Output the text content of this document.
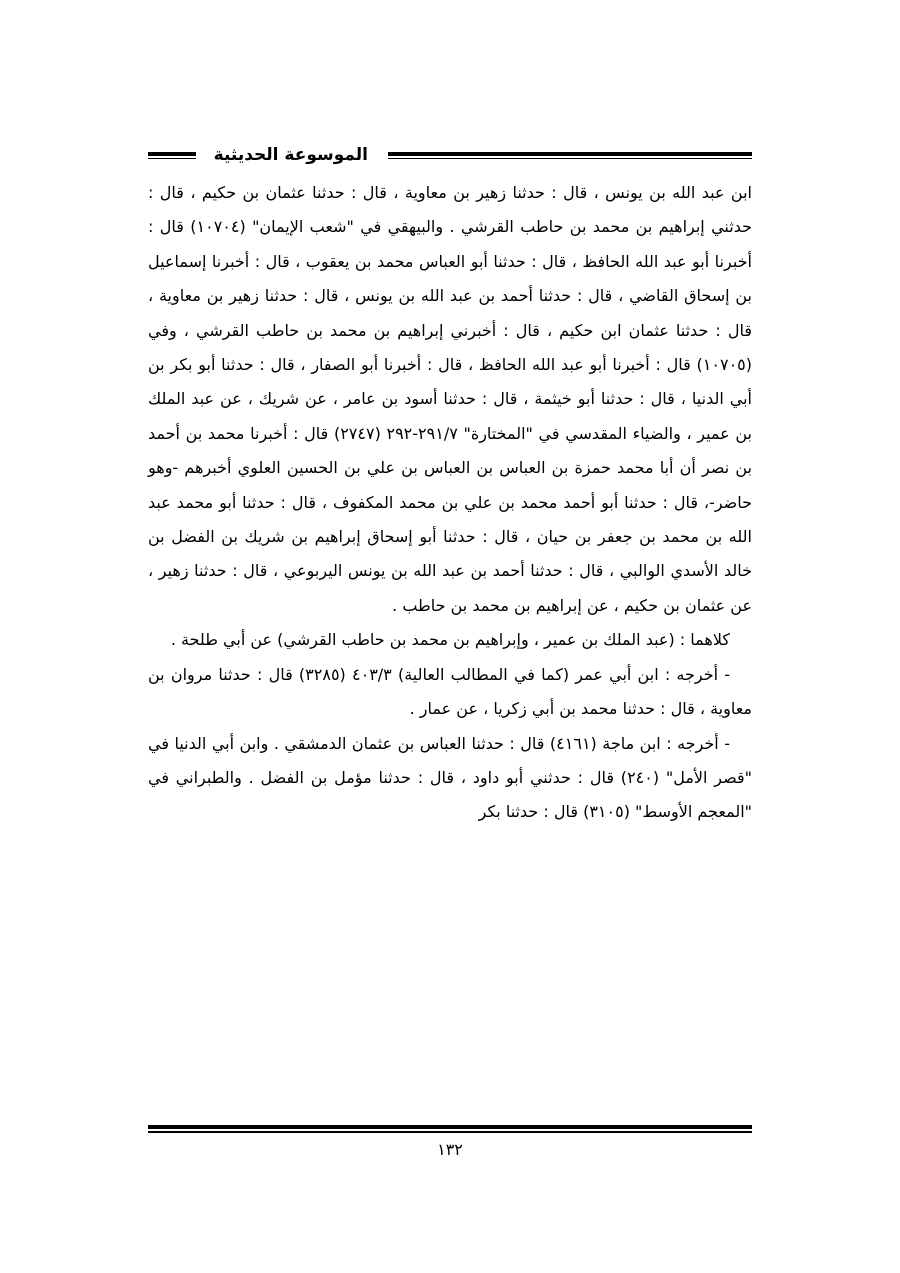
الموسوعة الحديثية

ابن عبد الله بن يونس ، قال : حدثنا زهير بن معاوية ، قال : حدثنا عثمان بن حكيم ، قال : حدثني إبراهيم بن محمد بن حاطب القرشي . والبيهقي في "شعب الإيمان" (١٠٧٠٤) قال : أخبرنا أبو عبد الله الحافظ ، قال : حدثنا أبو العباس محمد بن يعقوب ، قال : أخبرنا إسماعيل بن إسحاق القاضي ، قال : حدثنا أحمد بن عبد الله بن يونس ، قال : حدثنا زهير بن معاوية ، قال : حدثنا عثمان ابن حكيم ، قال : أخبرني إبراهيم بن محمد بن حاطب القرشي ، وفي (١٠٧٠٥) قال : أخبرنا أبو عبد الله الحافظ ، قال : أخبرنا أبو الصفار ، قال : حدثنا أبو بكر بن أبي الدنيا ، قال : حدثنا أبو خيثمة ، قال : حدثنا أسود بن عامر ، عن شريك ، عن عبد الملك بن عمير ، والضياء المقدسي في "المختارة" ٢٩١/٧-٢٩٢ (٢٧٤٧) قال : أخبرنا محمد بن أحمد بن نصر أن أبا محمد حمزة بن العباس بن العباس بن علي بن الحسين العلوي أخبرهم -وهو حاضر-، قال : حدثنا أبو أحمد محمد بن علي بن محمد المكفوف ، قال : حدثنا أبو محمد عبد الله بن محمد بن جعفر بن حيان ، قال : حدثنا أبو إسحاق إبراهيم بن شريك بن الفضل بن خالد الأسدي الوالبي ، قال : حدثنا أحمد بن عبد الله بن يونس اليربوعي ، قال : حدثنا زهير ، عن عثمان بن حكيم ، عن إبراهيم بن محمد بن حاطب .

كلاهما : (عبد الملك بن عمير ، وإبراهيم بن محمد بن حاطب القرشي) عن أبي طلحة .

- أخرجه : ابن أبي عمر (كما في المطالب العالية) ٤٠٣/٣ (٣٢٨٥) قال : حدثنا مروان بن معاوية ، قال : حدثنا محمد بن أبي زكريا ، عن عمار .

- أخرجه : ابن ماجة (٤١٦١) قال : حدثنا العباس بن عثمان الدمشقي . وابن أبي الدنيا في "قصر الأمل" (٢٤٠) قال : حدثني أبو داود ، قال : حدثنا مؤمل بن الفضل . والطبراني في "المعجم الأوسط" (٣١٠٥) قال : حدثنا بكر

١٣٢
